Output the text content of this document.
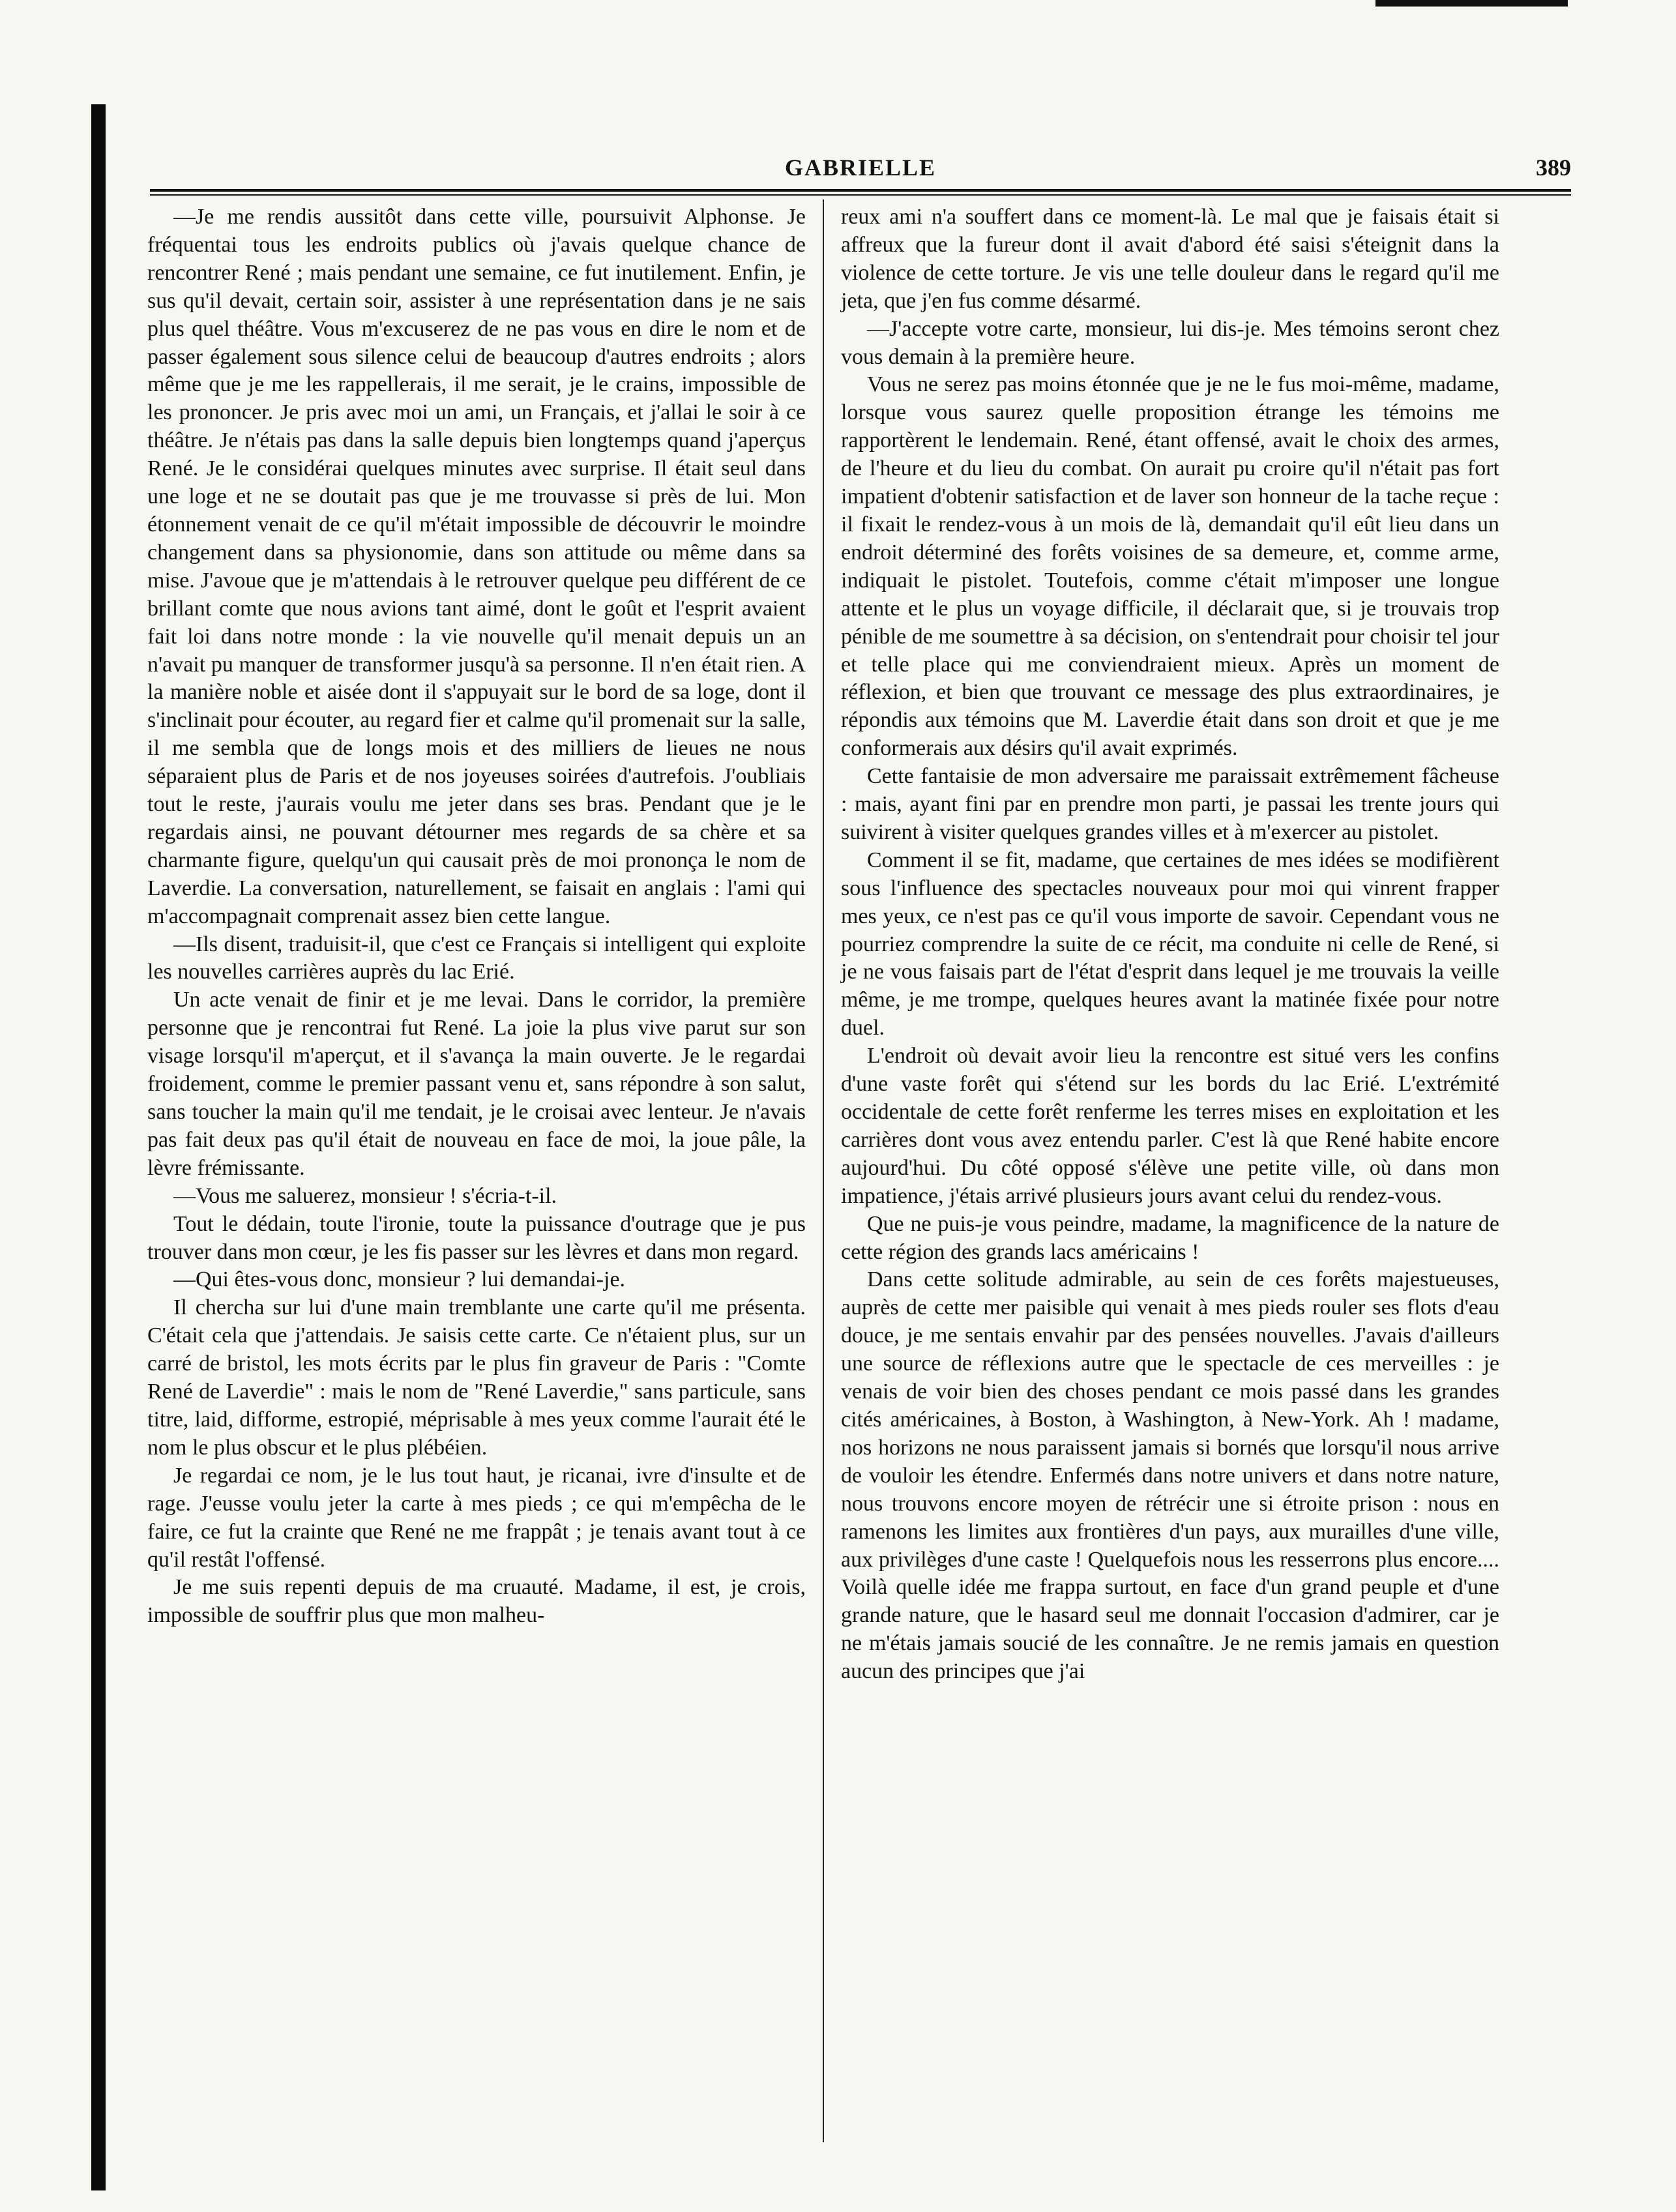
GABRIELLE	389

—Je me rendis aussitôt dans cette ville, poursuivit Alphonse. Je fréquentai tous les endroits publics où j'avais quelque chance de rencontrer René ; mais pendant une semaine, ce fut inutilement. Enfin, je sus qu'il devait, certain soir, assister à une représentation dans je ne sais plus quel théâtre. Vous m'excuserez de ne pas vous en dire le nom et de passer également sous silence celui de beaucoup d'autres endroits ; alors même que je me les rappellerais, il me serait, je le crains, impossible de les prononcer. Je pris avec moi un ami, un Français, et j'allai le soir à ce théâtre. Je n'étais pas dans la salle depuis bien longtemps quand j'aperçus René. Je le considérai quelques minutes avec surprise. Il était seul dans une loge et ne se doutait pas que je me trouvasse si près de lui. Mon étonnement venait de ce qu'il m'était impossible de découvrir le moindre changement dans sa physionomie, dans son attitude ou même dans sa mise. J'avoue que je m'attendais à le retrouver quelque peu différent de ce brillant comte que nous avions tant aimé, dont le goût et l'esprit avaient fait loi dans notre monde : la vie nouvelle qu'il menait depuis un an n'avait pu manquer de transformer jusqu'à sa personne. Il n'en était rien. A la manière noble et aisée dont il s'appuyait sur le bord de sa loge, dont il s'inclinait pour écouter, au regard fier et calme qu'il promenait sur la salle, il me sembla que de longs mois et des milliers de lieues ne nous séparaient plus de Paris et de nos joyeuses soirées d'autrefois. J'oubliais tout le reste, j'aurais voulu me jeter dans ses bras. Pendant que je le regardais ainsi, ne pouvant détourner mes regards de sa chère et sa charmante figure, quelqu'un qui causait près de moi prononça le nom de Laverdie. La conversation, naturellement, se faisait en anglais : l'ami qui m'accompagnait comprenait assez bien cette langue.

—Ils disent, traduisit-il, que c'est ce Français si intelligent qui exploite les nouvelles carrières auprès du lac Erié.

Un acte venait de finir et je me levai. Dans le corridor, la première personne que je rencontrai fut René. La joie la plus vive parut sur son visage lorsqu'il m'aperçut, et il s'avança la main ouverte. Je le regardai froidement, comme le premier passant venu et, sans répondre à son salut, sans toucher la main qu'il me tendait, je le croisai avec lenteur. Je n'avais pas fait deux pas qu'il était de nouveau en face de moi, la joue pâle, la lèvre frémissante.

—Vous me saluerez, monsieur ! s'écria-t-il.

Tout le dédain, toute l'ironie, toute la puissance d'outrage que je pus trouver dans mon cœur, je les fis passer sur les lèvres et dans mon regard.

—Qui êtes-vous donc, monsieur ? lui demandai-je.

Il chercha sur lui d'une main tremblante une carte qu'il me présenta. C'était cela que j'attendais. Je saisis cette carte. Ce n'étaient plus, sur un carré de bristol, les mots écrits par le plus fin graveur de Paris : "Comte René de Laverdie" : mais le nom de "René Laverdie," sans particule, sans titre, laid, difforme, estropié, méprisable à mes yeux comme l'aurait été le nom le plus obscur et le plus plébéien.

Je regardai ce nom, je le lus tout haut, je ricanai, ivre d'insulte et de rage. J'eusse voulu jeter la carte à mes pieds ; ce qui m'empêcha de le faire, ce fut la crainte que René ne me frappât ; je tenais avant tout à ce qu'il restât l'offensé.

Je me suis repenti depuis de ma cruauté. Madame, il est, je crois, impossible de souffrir plus que mon malheu-

reux ami n'a souffert dans ce moment-là. Le mal que je faisais était si affreux que la fureur dont il avait d'abord été saisi s'éteignit dans la violence de cette torture. Je vis une telle douleur dans le regard qu'il me jeta, que j'en fus comme désarmé.

—J'accepte votre carte, monsieur, lui dis-je. Mes témoins seront chez vous demain à la première heure.

Vous ne serez pas moins étonnée que je ne le fus moi-même, madame, lorsque vous saurez quelle proposition étrange les témoins me rapportèrent le lendemain. René, étant offensé, avait le choix des armes, de l'heure et du lieu du combat. On aurait pu croire qu'il n'était pas fort impatient d'obtenir satisfaction et de laver son honneur de la tache reçue : il fixait le rendez-vous à un mois de là, demandait qu'il eût lieu dans un endroit déterminé des forêts voisines de sa demeure, et, comme arme, indiquait le pistolet. Toutefois, comme c'était m'imposer une longue attente et le plus un voyage difficile, il déclarait que, si je trouvais trop pénible de me soumettre à sa décision, on s'entendrait pour choisir tel jour et telle place qui me conviendraient mieux. Après un moment de réflexion, et bien que trouvant ce message des plus extraordinaires, je répondis aux témoins que M. Laverdie était dans son droit et que je me conformerais aux désirs qu'il avait exprimés.

Cette fantaisie de mon adversaire me paraissait extrêmement fâcheuse : mais, ayant fini par en prendre mon parti, je passai les trente jours qui suivirent à visiter quelques grandes villes et à m'exercer au pistolet.

Comment il se fit, madame, que certaines de mes idées se modifièrent sous l'influence des spectacles nouveaux pour moi qui vinrent frapper mes yeux, ce n'est pas ce qu'il vous importe de savoir. Cependant vous ne pourriez comprendre la suite de ce récit, ma conduite ni celle de René, si je ne vous faisais part de l'état d'esprit dans lequel je me trouvais la veille même, je me trompe, quelques heures avant la matinée fixée pour notre duel.

L'endroit où devait avoir lieu la rencontre est situé vers les confins d'une vaste forêt qui s'étend sur les bords du lac Erié. L'extrémité occidentale de cette forêt renferme les terres mises en exploitation et les carrières dont vous avez entendu parler. C'est là que René habite encore aujourd'hui. Du côté opposé s'élève une petite ville, où dans mon impatience, j'étais arrivé plusieurs jours avant celui du rendez-vous.

Que ne puis-je vous peindre, madame, la magnificence de la nature de cette région des grands lacs américains !

Dans cette solitude admirable, au sein de ces forêts majestueuses, auprès de cette mer paisible qui venait à mes pieds rouler ses flots d'eau douce, je me sentais envahir par des pensées nouvelles. J'avais d'ailleurs une source de réflexions autre que le spectacle de ces merveilles : je venais de voir bien des choses pendant ce mois passé dans les grandes cités américaines, à Boston, à Washington, à New-York. Ah ! madame, nos horizons ne nous paraissent jamais si bornés que lorsqu'il nous arrive de vouloir les étendre. Enfermés dans notre univers et dans notre nature, nous trouvons encore moyen de rétrécir une si étroite prison : nous en ramenons les limites aux frontières d'un pays, aux murailles d'une ville, aux privilèges d'une caste ! Quelquefois nous les resserrons plus encore.... Voilà quelle idée me frappa surtout, en face d'un grand peuple et d'une grande nature, que le hasard seul me donnait l'occasion d'admirer, car je ne m'étais jamais soucié de les connaître. Je ne remis jamais en question aucun des principes que j'ai
